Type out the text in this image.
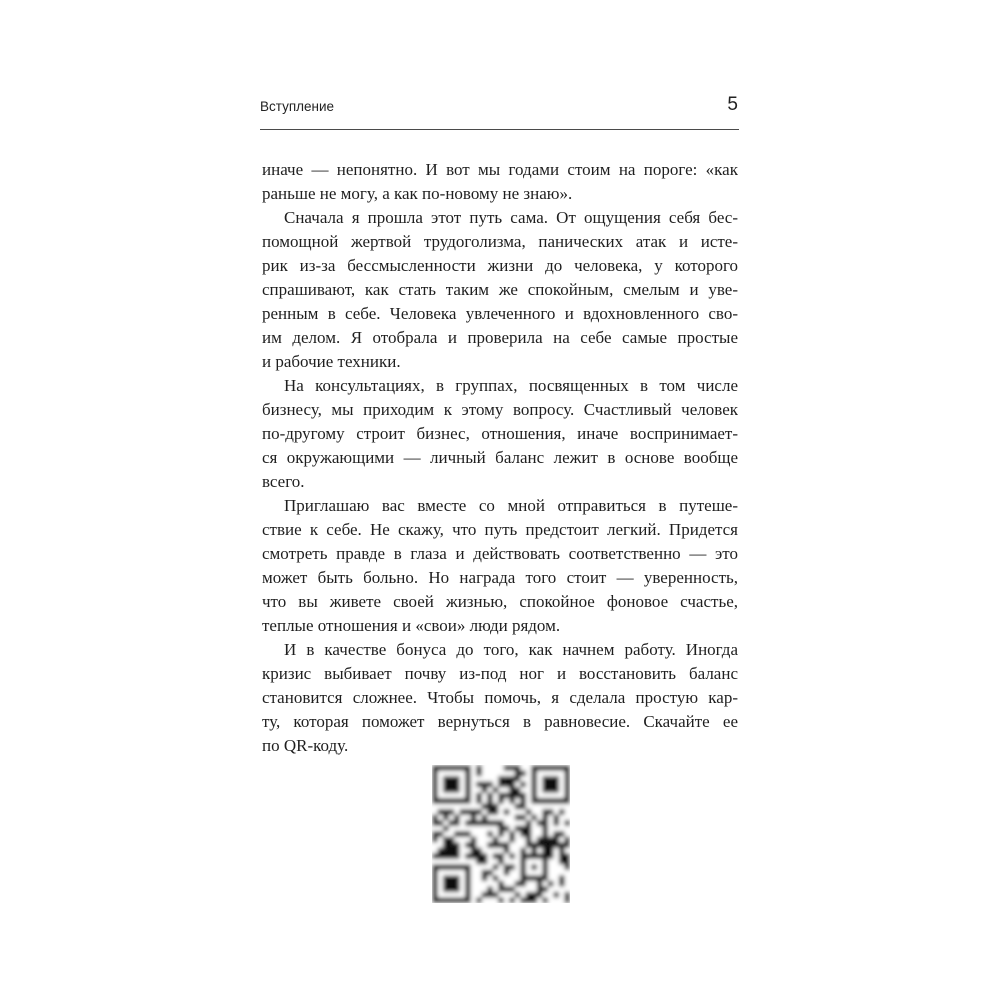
Вступление	5
иначе — непонятно. И вот мы годами стоим на пороге: «как
раньше не могу, а как по-новому не знаю».
Сначала я прошла этот путь сама. От ощущения себя бес-
помощной жертвой трудоголизма, панических атак и исте-
рик из-за бессмысленности жизни до человека, у которого
спрашивают, как стать таким же спокойным, смелым и уве-
ренным в себе. Человека увлеченного и вдохновленного сво-
им делом. Я отобрала и проверила на себе самые простые
и рабочие техники.
На консультациях, в группах, посвященных в том числе
бизнесу, мы приходим к этому вопросу. Счастливый человек
по-другому строит бизнес, отношения, иначе воспринимает-
ся окружающими — личный баланс лежит в основе вообще
всего.
Приглашаю вас вместе со мной отправиться в путеше-
ствие к себе. Не скажу, что путь предстоит легкий. Придется
смотреть правде в глаза и действовать соответственно — это
может быть больно. Но награда того стоит — уверенность,
что вы живете своей жизнью, спокойное фоновое счастье,
теплые отношения и «свои» люди рядом.
И в качестве бонуса до того, как начнем работу. Иногда
кризис выбивает почву из-под ног и восстановить баланс
становится сложнее. Чтобы помочь, я сделала простую кар-
ту, которая поможет вернуться в равновесие. Скачайте ее
по QR-коду.
